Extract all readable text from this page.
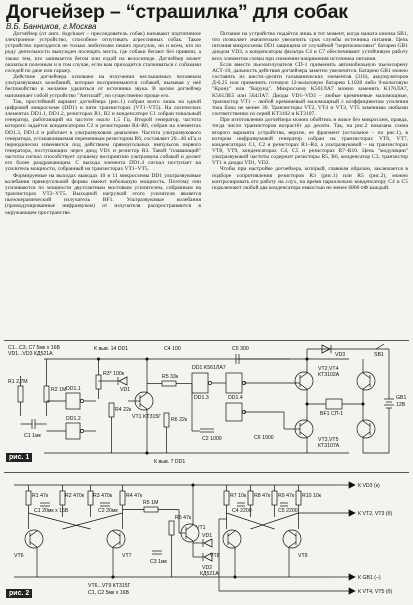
Догчейзер – “страшилка” для собак
В.Б. Банников, г.Москва

Догчейзер (от англ. dogchaser – преследователь собак) называют портативное электронное устройство, способное отпугивать агрессивных собак. Такое устройство пригодится не только любителям пеших прогулок, но и всем, кто по роду деятельности вынужден посещать места, где собаки бегают без привязи, а также тем, кто занимается бегом или ездой на велосипеде. Догчейзер может оказаться полезным и в том случае, если вам приходится сталкиваться с собаками соседей по даче или гаражу.

Действие догчейзера основано на излучении неслышимых человеком ультразвуковых колебаний, которые воспринимаются собакой, вызывая у неё беспокойство и желание удалиться от источника звука. В целом догчейзер напоминает собой устройство "Антилай", но существенно проще его.

Так, простейший вариант догчейзера (рис.1) собран всего лишь на одной цифровой микросхеме (DD1) и пяти транзисторах (VT1–VT5). На логических элементах DD1.1, DD1.2, резисторах R1, R2 и конденсаторе C1 собран тональный генератор, работающий на частоте около 1,5 Гц. Второй генератор, частота которого задаётся конденсатором C2 и резисторами R4–R6, собран на элементах DD1.3, DD1.4 и работает в ультразвуковом диапазоне. Частота ультразвукового генератора, устанавливаемая переменным резистором R6, составляет 20...40 кГц и периодически изменяется под действием прямоугольных импульсов первого генератора, поступающих через диод VD1 и резистор R3. Такой "плавающий" частоты сигнал способствует лучшему восприятию ультразвука собакой и делает его более раздражающим. С выхода элемента DD1.4 сигнал поступает на усилитель мощности, собранный на транзисторах VT1–VT5.

Формируемые на выходах выводах 10 и 11 микросхемы DD1 ультразвуковые колебания прямоугольной формы имеют небольшую мощность. Поэтому они усиливаются по мощности двухтактным мостовым усилителем, собранным на транзисторах VT2–VT5. Выходной нагрузкой этого усилителя является пьезокерамический излучатель BF1. Ультразвуковые колебания (промодулированные инфразвуком) от излучателя распространяются в окружающем пространстве.

Питание на устройство подаётся лишь в тот момент, когда нажата кнопка SB1, что позволяет значительно увеличить срок службы источника питания. Цепь питания микросхемы DD1 защищена от случайной "переполюсовки" батареи GB1 диодом VD3, а конденсаторы фильтра C4 и C7 обеспечивают устойчивую работу всех элементов схемы при снижении напряжения источника питания.

Если вместо пьезоизлучателя СП-1 применить автомобильную пьезосирену АСТ-10, дальность действия догчейзера заметно увеличится. Батарею GB1 можно составить из шести–десяти гальванических элементов (316), аккумуляторов Д-0,25 или применить готовую 12-вольтовую батарею L1028 либо 9-вольтовую "Крону" или "Корунд". Микросхему K561ЛА7 можно заменить K176ЛА7, K561ЛЕ5 или 564ЛА7. Диоды VD1–VD3 – любые кремниевые маломощные, транзистор VT1 – любой кремниевый маломощный с коэффициентом усиления тока базы не менее 30. Транзисторы VT2, VT4 и VT3, VT5 заменимы любыми соответственно из серий KT3102 и KT3107.

При изготовлении догчейзера можно обойтись и вовсе без микросхем, правда, тогда число транзисторов возрастёт до десяти. Так, на рис.2 показана схема второго варианта устройства, верхне, ее фрагмент (остальное – по рис.1), в котором инфразвуковой генератор собран на транзисторах VT6, VT7, конденсаторах C1, C2 и резисторах R1–R4, а ультразвуковой – на транзисторах VT8, VT9, конденсаторах C4, C5 и резисторах R7–R10. Цепь "модуляции" ультразвуковой частоты содержит резисторы R5, R6, конденсатор C3, транзистор VT1 и диоды VD1, VD2.

Чтобы при настройке догчейзера, который, главным образом, заключается в подборе сопротивления резисторов R3 (рис.1) или R5 (рис.2), можно контролировать его работу на слух, на время параллельно конденсатору C4 и C5 подключают любой два конденсатора емкостью не менее 6800 пФ каждый.

C1...C3, C7 5мк х 16В
VD1...VD3 КД521А
К выв. 14 DD1	C4 100	C5 300
VT2,VT4
КТ3102А
VD3	SB1
GB1
12В
BF1 СП-1
VT3,VT5
КТ3107А
DD1 K561ЛА7
R1 2,7М
R2 1М
R3* 100к
R4 22к
R5 33к
R6 22к
VT1 KT315Г
DD1.1
DD1.2
DD1.3	DD1.4
C1 1мк	C2 1000
К выв. 7 DD1
VD1
C6 1000
рис. 1
R1 47к
C1 20мк х 16В	C2 20мк
R2 470к R3 470к	R4 47к
R5 1М
R6 47к
C3 1мк
VD1
VD2
КД521А
VT1
C4 2200	C5 2200
R7 10к R8 47к R9 47к R10 10к
VT6	VT7	VT8	VT9
VT6...VT9 КТ315Г
C1, C2 5мк х 16В
К VD3 (к)
К VT2, VT3 (б)
К GB1 (–)
К VT4, VT5 (б)
рис. 2
